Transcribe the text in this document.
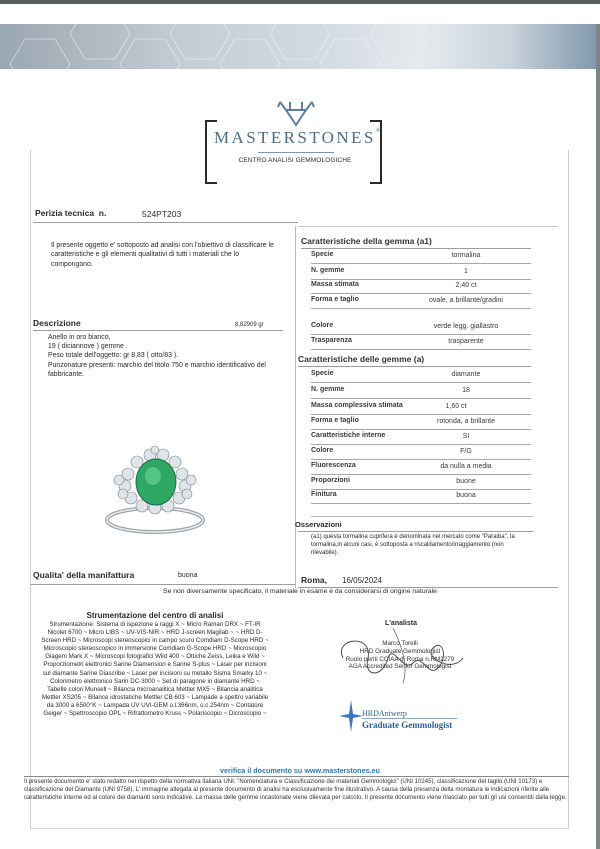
MASTERSTONES®
CENTRO ANALISI GEMMOLOGICHE
Perizia tecnica n.	524PT203
Il presente oggetto e' sottoposto ad analisi con l'obiettivo di classificare le caratteristiche e gli elementi qualitativi di tutti i materiali che lo compongono.
Descrizione	8,82909 gr
Anello in oro bianco,
19 ( diciannove ) gemme .
Peso totale dell'oggetto: gr 8,83 ( otto/83 ).
Punzonature presenti: marchio del titolo 750 e marchio identificativo del fabbricante.
Caratteristiche della gemma (a1)
Specie	tormalina
N. gemme	1
Massa stimata	2,40 ct
Forma e taglio	ovale, a brillante/gradini
Colore	verde legg. giallastro
Trasparenza	trasparente
Caratteristiche delle gemme (a)
Specie	diamante
N. gemme	18
Massa complessiva stimata	1,60 ct
Forma e taglio	rotonda, a brillante
Caratteristiche interne	SI
Colore	F/G
Fluorescenza	da nulla a media
Proporzioni	buone
Finitura	buona
Osservazioni
(a1) questa tormalina cuprifera è denominata nel mercato come "Paraiba", la tormalina,in alcuni casi, è sottoposta a riscaldamento/irraggiamento (non rilevabile).
Qualita' della manifattura	buona	Roma, 16/05/2024
Se non diversamente specificato, il materiale in esame è da considerarsi di origine naturale
Strumentazione del centro di analisi
Strumentazione: Sistema di ispezione a raggi X ~ Micro Raman DRX ~ FT-IR Nicolet 6700 ~ Micro LIBS ~ UV-VIS-NIR ~ HRD J-screen Magilab ~ ~ HRD D-Screen HRD ~ Microscopi stereoscopici in campo scuro Comdiam D-Scope HRD ~ Microscopio stereoscopico in immersione Comdiam G-Scope HRD ~ Microscopio Giagem Mark X ~ Microscopi fotografici Wild 400 ~ Ottiche Zeiss, Leika e Wild ~ Proporziometri elettronici Sarine Diamension e Sarine S-plus ~ Laser per incisioni sul diamante Sarine Diascribe ~ Laser per incisioni su metallo Sisma Smarky 10 ~ Colorimetro elettronico Sarin DC-3000 ~ Set di paragone in diamante HRD ~ Tabelle colori Munsell ~ Bilancia microanalitica Mettler MX5 ~ Bilancia analitica Mettler XS205 ~ Bilance idrostatiche Mettler CB 603 ~ Lampade a spettro variabile da 3000 a 6500°K ~ Lampada UV UVI-GEM o.l.366nm, o.c.254nm ~ Contatore Geiger ~ Spettroscopio OPL ~ Rifrattometro Kruss ~ Polariscopio ~ Dicroscopio ~
L'analista
Marco Torelli
HRD Graduate Gemmologist
Ruolo periti CCIAA di Roma n.RM2279
AGA Accredited Senior Gemmologist
HRDAntwerp
Graduate Gemmologist
verifica il documento su www.masterstones.eu
Il presente documento e' stato redatto nel rispetto della normativa italiana UNI: "Nomenclatura e Classificazione dei materiali Gemmologici" (UNI 10245), classificazione del taglio (UNI 10173) e classificazione del Diamante (UNI 9758). L' immagine allegata al presente documento di analisi ha esclusivamente fine illustrativo. A causa della presenza della montatura le indicazioni riferite alle caratteristiche interne ed al colore dei diamanti sono indicative. La massa delle gemme incastonate viene dilevata per calcolo. Il presente documento viene rilasciato per tutti gli usi consentiti dalla legge.
